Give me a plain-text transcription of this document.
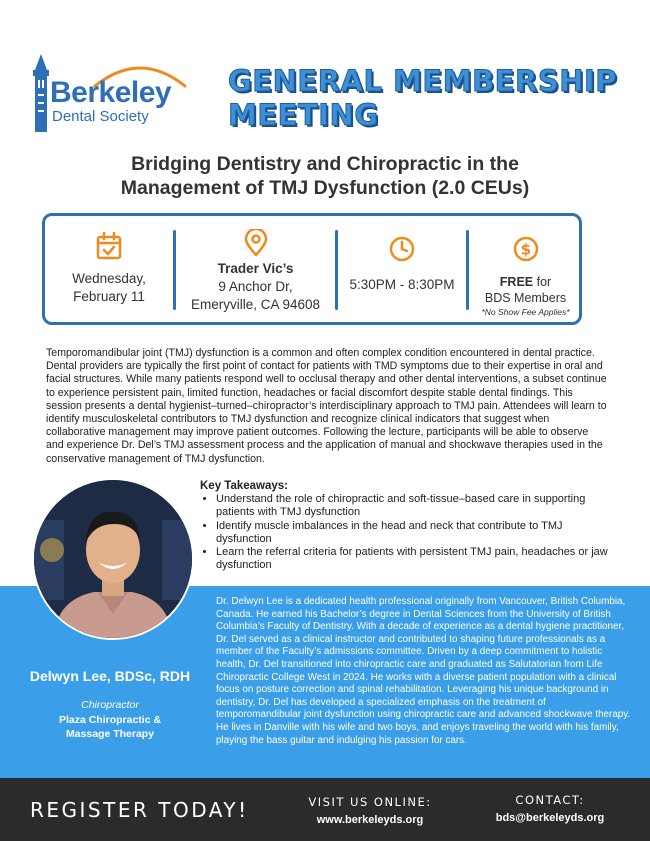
Berkeley
Dental Society
GENERAL MEMBERSHIP
MEETING
Bridging Dentistry and Chiropractic in the
Management of TMJ Dysfunction (2.0 CEUs)
Wednesday,
February 11
Trader Vic’s
9 Anchor Dr,
Emeryville, CA 94608
5:30PM - 8:30PM
$
FREE for
BDS Members
*No Show Fee Applies*
Temporomandibular joint (TMJ) dysfunction is a common and often complex condition encountered in dental practice. Dental providers are typically the first point of contact for patients with TMD symptoms due to their expertise in oral and facial structures. While many patients respond well to occlusal therapy and other dental interventions, a subset continue to experience persistent pain, limited function, headaches or facial discomfort despite stable dental findings. This session presents a dental hygienist–turned–chiropractor’s interdisciplinary approach to TMJ pain. Attendees will learn to identify musculoskeletal contributors to TMJ dysfunction and recognize clinical indicators that suggest when collaborative management may improve patient outcomes. Following the lecture, participants will be able to observe and experience Dr. Del’s TMJ assessment process and the application of manual and shockwave therapies used in the conservative management of TMJ dysfunction.
Key Takeaways:
• Understand the role of chiropractic and soft-tissue–based care in supporting patients with TMJ dysfunction
• Identify muscle imbalances in the head and neck that contribute to TMJ dysfunction
• Learn the referral criteria for patients with persistent TMJ pain, headaches or jaw dysfunction
Dr. Delwyn Lee is a dedicated health professional originally from Vancouver, British Columbia, Canada. He earned his Bachelor’s degree in Dental Sciences from the University of British Columbia’s Faculty of Dentistry. With a decade of experience as a dental hygiene practitioner, Dr. Del served as a clinical instructor and contributed to shaping future professionals as a member of the Faculty’s admissions committee. Driven by a deep commitment to holistic health, Dr. Del transitioned into chiropractic care and graduated as Salutatorian from Life Chiropractic College West in 2024. He works with a diverse patient population with a clinical focus on posture correction and spinal rehabilitation. Leveraging his unique background in dentistry, Dr. Del has developed a specialized emphasis on the treatment of temporomandibular joint dysfunction using chiropractic care and advanced shockwave therapy. He lives in Danville with his wife and two boys, and enjoys traveling the world with his family, playing the bass guitar and indulging his passion for cars.
Delwyn Lee, BDSc, RDH
Chiropractor
Plaza Chiropractic &
Massage Therapy
REGISTER TODAY!	VISIT US ONLINE:
www.berkeleyds.org
CONTACT:
bds@berkeleyds.org
